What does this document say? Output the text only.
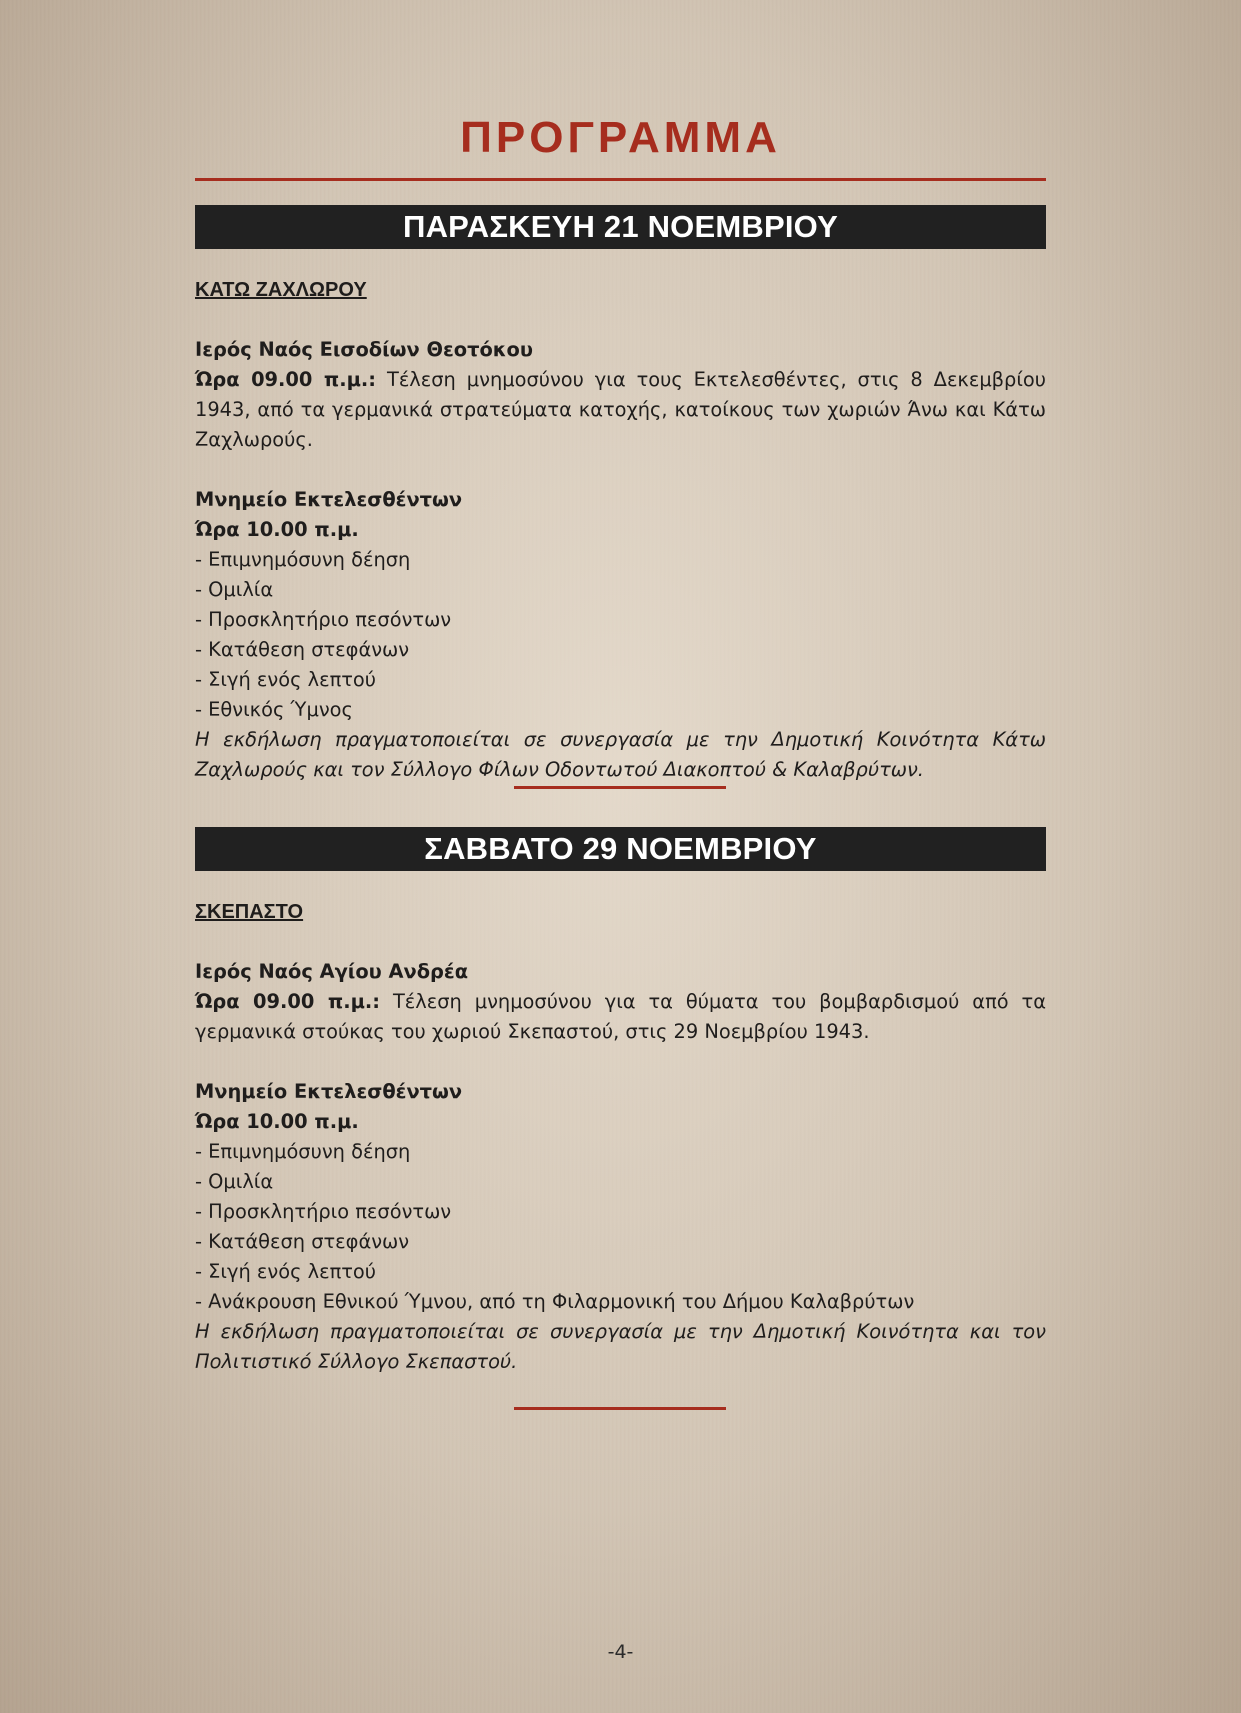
ΠΡΟΓΡΑΜΜΑ
ΠΑΡΑΣΚΕΥΗ 21 ΝΟΕΜΒΡΙΟΥ

ΚΑΤΩ ΖΑΧΛΩΡΟΥ

Ιερός Ναός Εισοδίων Θεοτόκου

Ώρα 09.00 π.μ.: Τέλεση μνημοσύνου για τους Εκτελεσθέντες, στις 8 Δεκεμβρίου 1943, από τα γερμανικά στρατεύματα κατοχής, κατοίκους των χωριών Άνω και Κάτω Ζαχλωρούς.

Μνημείο Εκτελεσθέντων

Ώρα 10.00 π.μ.

- Επιμνημόσυνη δέηση

- Ομιλία

- Προσκλητήριο πεσόντων

- Κατάθεση στεφάνων

- Σιγή ενός λεπτού

- Εθνικός Ύμνος

Η εκδήλωση πραγματοποιείται σε συνεργασία με την Δημοτική Κοινότητα Κάτω Ζαχλωρούς και τον Σύλλογο Φίλων Οδοντωτού Διακοπτού & Καλαβρύτων.

ΣΑΒΒΑΤΟ 29 ΝΟΕΜΒΡΙΟΥ

ΣΚΕΠΑΣΤΟ

Ιερός Ναός Αγίου Ανδρέα

Ώρα 09.00 π.μ.: Τέλεση μνημοσύνου για τα θύματα του βομβαρδισμού από τα γερμανικά στούκας του χωριού Σκεπαστού, στις 29 Νοεμβρίου 1943.

Μνημείο Εκτελεσθέντων

Ώρα 10.00 π.μ.

- Επιμνημόσυνη δέηση

- Ομιλία

- Προσκλητήριο πεσόντων

- Κατάθεση στεφάνων

- Σιγή ενός λεπτού

- Ανάκρουση Εθνικού Ύμνου, από τη Φιλαρμονική του Δήμου Καλαβρύτων

Η εκδήλωση πραγματοποιείται σε συνεργασία με την Δημοτική Κοινότητα και τον Πολιτιστικό Σύλλογο Σκεπαστού.

-4-
